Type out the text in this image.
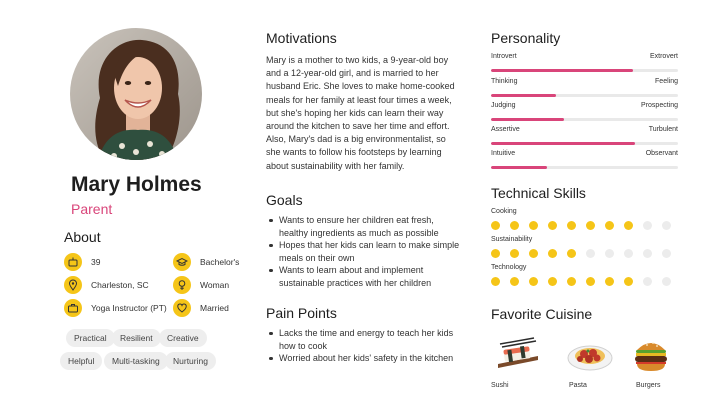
Mary Holmes
Parent
About
39	Bachelor's
Charleston, SC	Woman
Yoga Instructor (PT)	Married
Practical	Resilient	Creative
Helpful	Multi-tasking	Nurturing
Motivations

Mary is a mother to two kids, a 9-year-old boy and a 12-year-old girl, and is married to her husband Eric. She loves to make home-cooked meals for her family at least four times a week, but she's hoping her kids can learn their way around the kitchen to save her time and effort. Also, Mary's dad is a big environmentalist, so she wants to follow his footsteps by learning about sustainability with her family.

Goals
Wants to ensure her children eat fresh, healthy ingredients as much as possible
Hopes that her kids can learn to make simple meals on their own
Wants to learn about and implement sustainable practices with her children
Pain Points
Lacks the time and energy to teach her kids how to cook
Worried about her kids' safety in the kitchen
Personality
Introvert	Extrovert
Thinking	Feeling
Judging	Prospecting
Assertive	Turbulent
Intuitive	Observant
Technical Skills
Cooking
Sustainability
Technology
Favorite Cuisine
Sushi	Pasta	Burgers
